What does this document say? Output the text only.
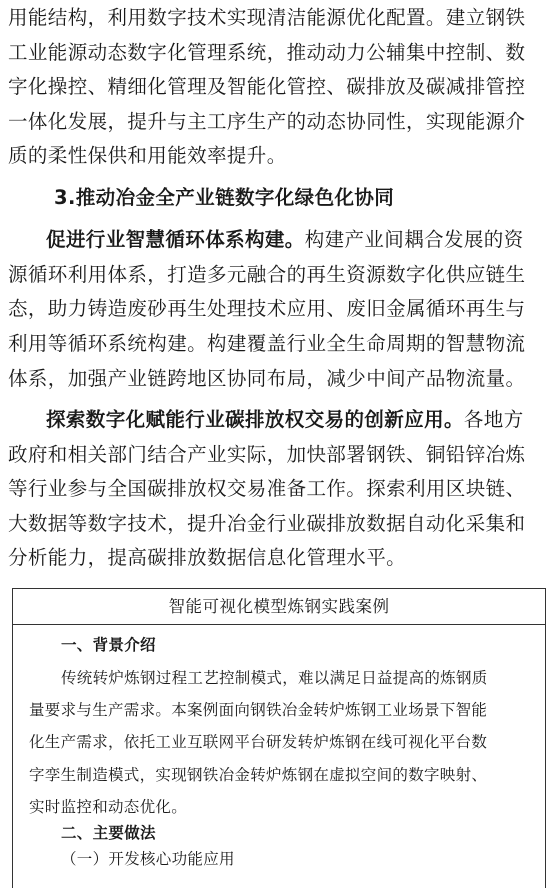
用能结构，利用数字技术实现清洁能源优化配置。建立钢铁
工业能源动态数字化管理系统，推动动力公辅集中控制、数
字化操控、精细化管理及智能化管控、碳排放及碳减排管控
一体化发展，提升与主工序生产的动态协同性，实现能源介
质的柔性保供和用能效率提升。
3.推动冶金全产业链数字化绿色化协同
促进行业智慧循环体系构建。构建产业间耦合发展的资
源循环利用体系，打造多元融合的再生资源数字化供应链生
态，助力铸造废砂再生处理技术应用、废旧金属循环再生与
利用等循环系统构建。构建覆盖行业全生命周期的智慧物流
体系，加强产业链跨地区协同布局，减少中间产品物流量。
探索数字化赋能行业碳排放权交易的创新应用。各地方
政府和相关部门结合产业实际，加快部署钢铁、铜铅锌冶炼
等行业参与全国碳排放权交易准备工作。探索利用区块链、
大数据等数字技术，提升冶金行业碳排放数据自动化采集和
分析能力，提高碳排放数据信息化管理水平。
智能可视化模型炼钢实践案例
一、背景介绍
传统转炉炼钢过程工艺控制模式，难以满足日益提高的炼钢质
量要求与生产需求。本案例面向钢铁冶金转炉炼钢工业场景下智能
化生产需求，依托工业互联网平台研发转炉炼钢在线可视化平台数
字孪生制造模式，实现钢铁冶金转炉炼钢在虚拟空间的数字映射、
实时监控和动态优化。
二、主要做法
（一）开发核心功能应用
